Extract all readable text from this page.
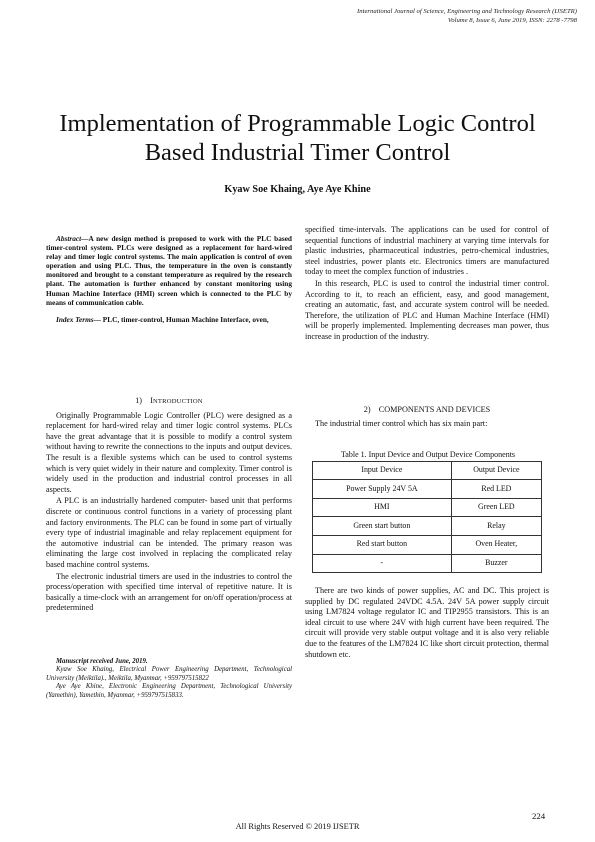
International Journal of Science, Engineering and Technology Research (IJSETR)
Volume 8, Issue 6, June 2019, ISSN: 2278 -7798
Implementation of Programmable Logic Control
Based Industrial Timer Control
Kyaw Soe Khaing, Aye Aye Khine

Abstract—A new design method is proposed to work with the PLC based timer-control system. PLCs were designed as a replacement for hard-wired relay and timer logic control systems. The main application is control of oven operation and using PLC. Thus, the temperature in the oven is constantly monitored and brought to a constant temperature as required by the research plant. The automation is further enhanced by constant monitoring using Human Machine Interface (HMI) screen which is connected to the PLC by means of communication cable.

Index Terms— PLC, timer-control, Human Machine Interface, oven,

1)  INTRODUCTION

Originally Programmable Logic Controller (PLC) were designed as a replacement for hard-wired relay and timer logic control systems. PLCs have the great advantage that it is possible to modify a control system without having to rewrite the connections to the inputs and output devices. The result is a flexible systems which can be used to control systems which is very quiet widely in their nature and complexity. Timer control is widely used in the production and industrial control processes in all aspects.

A PLC is an industrially hardened computer- based unit that performs discrete or continuous control functions in a variety of processing plant and factory environments. The PLC can be found in some part of virtually every type of industrial imaginable and relay replacement equipment for the automotive industrial can be intended. The primary reason was eliminating the large cost involved in replacing the complicated relay based machine control systems.

The electronic industrial timers are used in the industries to control the process/operation with specified time interval of repetitive nature. It is basically a time-clock with an arrangement for on/off operation/process at predetermined

Manuscript received June, 2019.

Kyaw Soe Khaing, Electrical Power Engineering Department, Technological University (Meiktila)., Meiktila, Myanmar, +959797515822

Aye Aye Khine, Electronic Engineering Department, Technological University (Yamethin), Yamethin, Myanmar, +959797515833.

specified time-intervals. The applications can be used for control of sequential functions of industrial machinery at varying time intervals for plastic industries, pharmaceutical industries, petro-chemical industries, steel industries, power plants etc. Electronics timers are manufactured today to meet the complex function of industries .

In this research, PLC is used to control the industrial timer control. According to it, to reach an efficient, easy, and good management, creating an automatic, fast, and accurate system control will be needed. Therefore, the utilization of PLC and Human Machine Interface (HMI) will be properly implemented. Implementing decreases man power, thus increase in production of the industry.

2) COMPONENTS AND DEVICES

The industrial timer control which has six main part:

Table 1. Input Device and Output Device Components

Input Device	Output Device
Power Supply 24V 5A	Red LED
HMI	Green LED
Green start button	Relay
Red start button	Oven Heater,
-	Buzzer

There are two kinds of power supplies, AC and DC. This project is supplied by DC regulated 24VDC 4.5A. 24V 5A power supply circuit using LM7824 voltage regulator IC and TIP2955 transistors. This is an ideal circuit to use where 24V with high current have been required. The circuit will provide very stable output voltage and it is also very reliable due to the features of the LM7824 IC like short circuit protection, thermal shutdown etc.

224
All Rights Reserved © 2019 IJSETR
